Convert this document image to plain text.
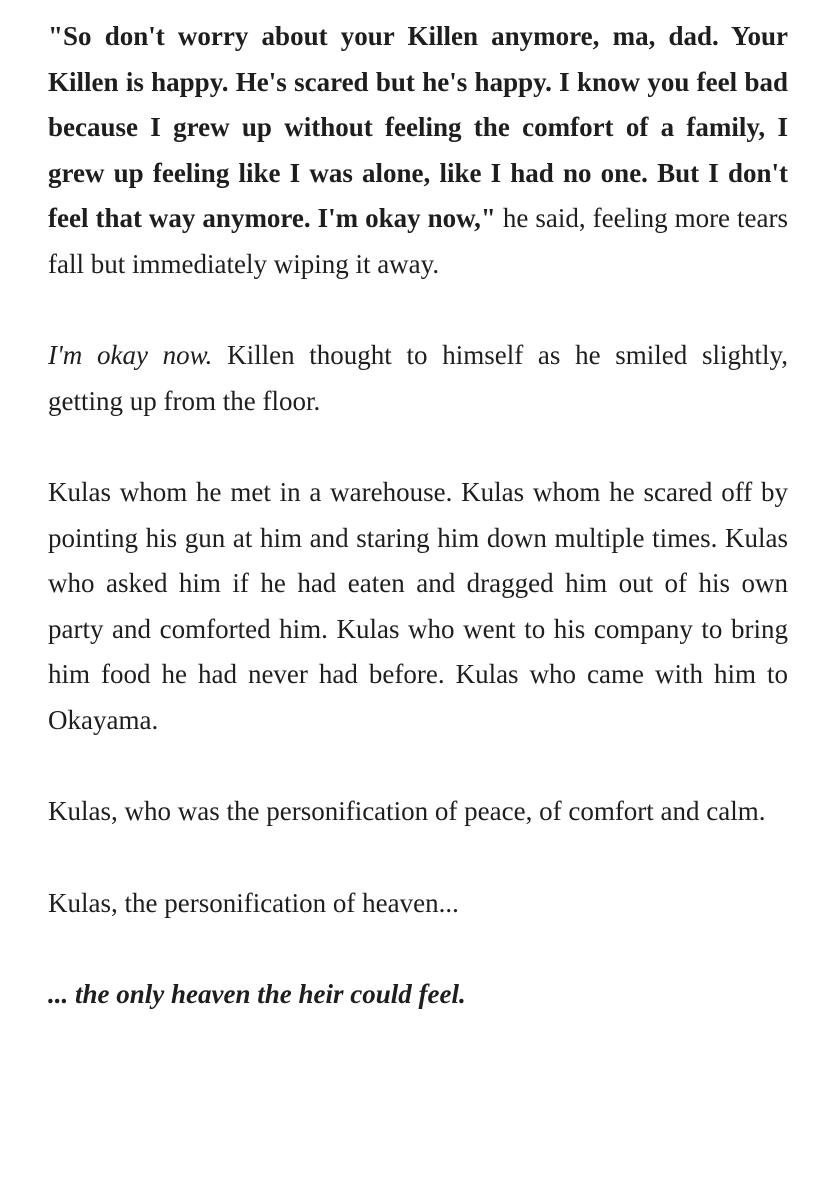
"So don't worry about your Killen anymore, ma, dad. Your Killen is happy. He's scared but he's happy. I know you feel bad because I grew up without feeling the comfort of a family, I grew up feeling like I was alone, like I had no one. But I don't feel that way anymore. I'm okay now," he said, feeling more tears fall but immediately wiping it away.

I'm okay now. Killen thought to himself as he smiled slightly, getting up from the floor.

Kulas whom he met in a warehouse. Kulas whom he scared off by pointing his gun at him and staring him down multiple times. Kulas who asked him if he had eaten and dragged him out of his own party and comforted him. Kulas who went to his company to bring him food he had never had before. Kulas who came with him to Okayama.

Kulas, who was the personification of peace, of comfort and calm.

Kulas, the personification of heaven...

... the only heaven the heir could feel.
